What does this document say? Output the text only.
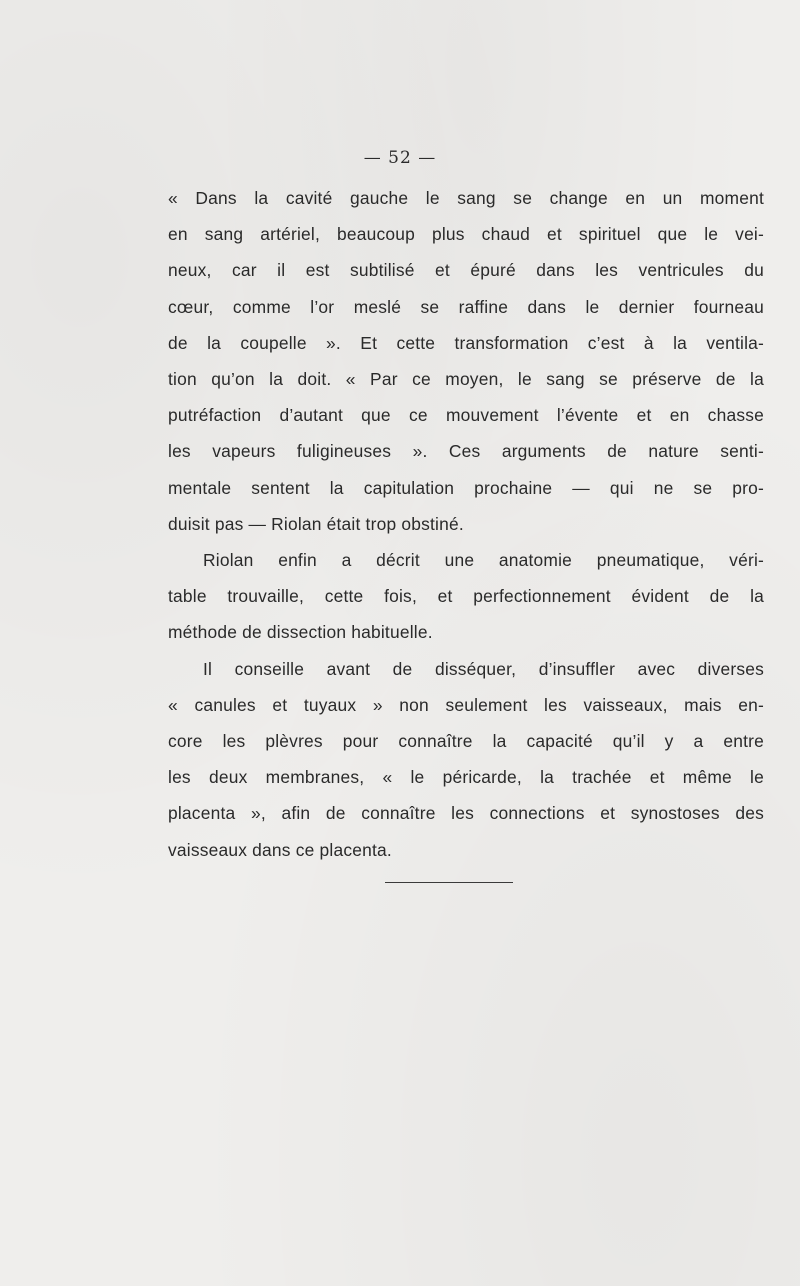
— 52 —
« Dans la cavité gauche le sang se change en un moment
en sang artériel, beaucoup plus chaud et spirituel que le vei-
neux, car il est subtilisé et épuré dans les ventricules du
cœur, comme l’or meslé se raffine dans le dernier fourneau
de la coupelle ». Et cette transformation c’est à la ventila-
tion qu’on la doit. « Par ce moyen, le sang se préserve de la
putréfaction d’autant que ce mouvement l’évente et en chasse
les vapeurs fuligineuses ». Ces arguments de nature senti-
mentale sentent la capitulation prochaine — qui ne se pro-
duisit pas — Riolan était trop obstiné.
Riolan enfin a décrit une anatomie pneumatique, véri-
table trouvaille, cette fois, et perfectionnement évident de la
méthode de dissection habituelle.
Il conseille avant de disséquer, d’insuffler avec diverses
« canules et tuyaux » non seulement les vaisseaux, mais en-
core les plèvres pour connaître la capacité qu’il y a entre
les deux membranes, « le péricarde, la trachée et même le
placenta », afin de connaître les connections et synostoses des
vaisseaux dans ce placenta.
